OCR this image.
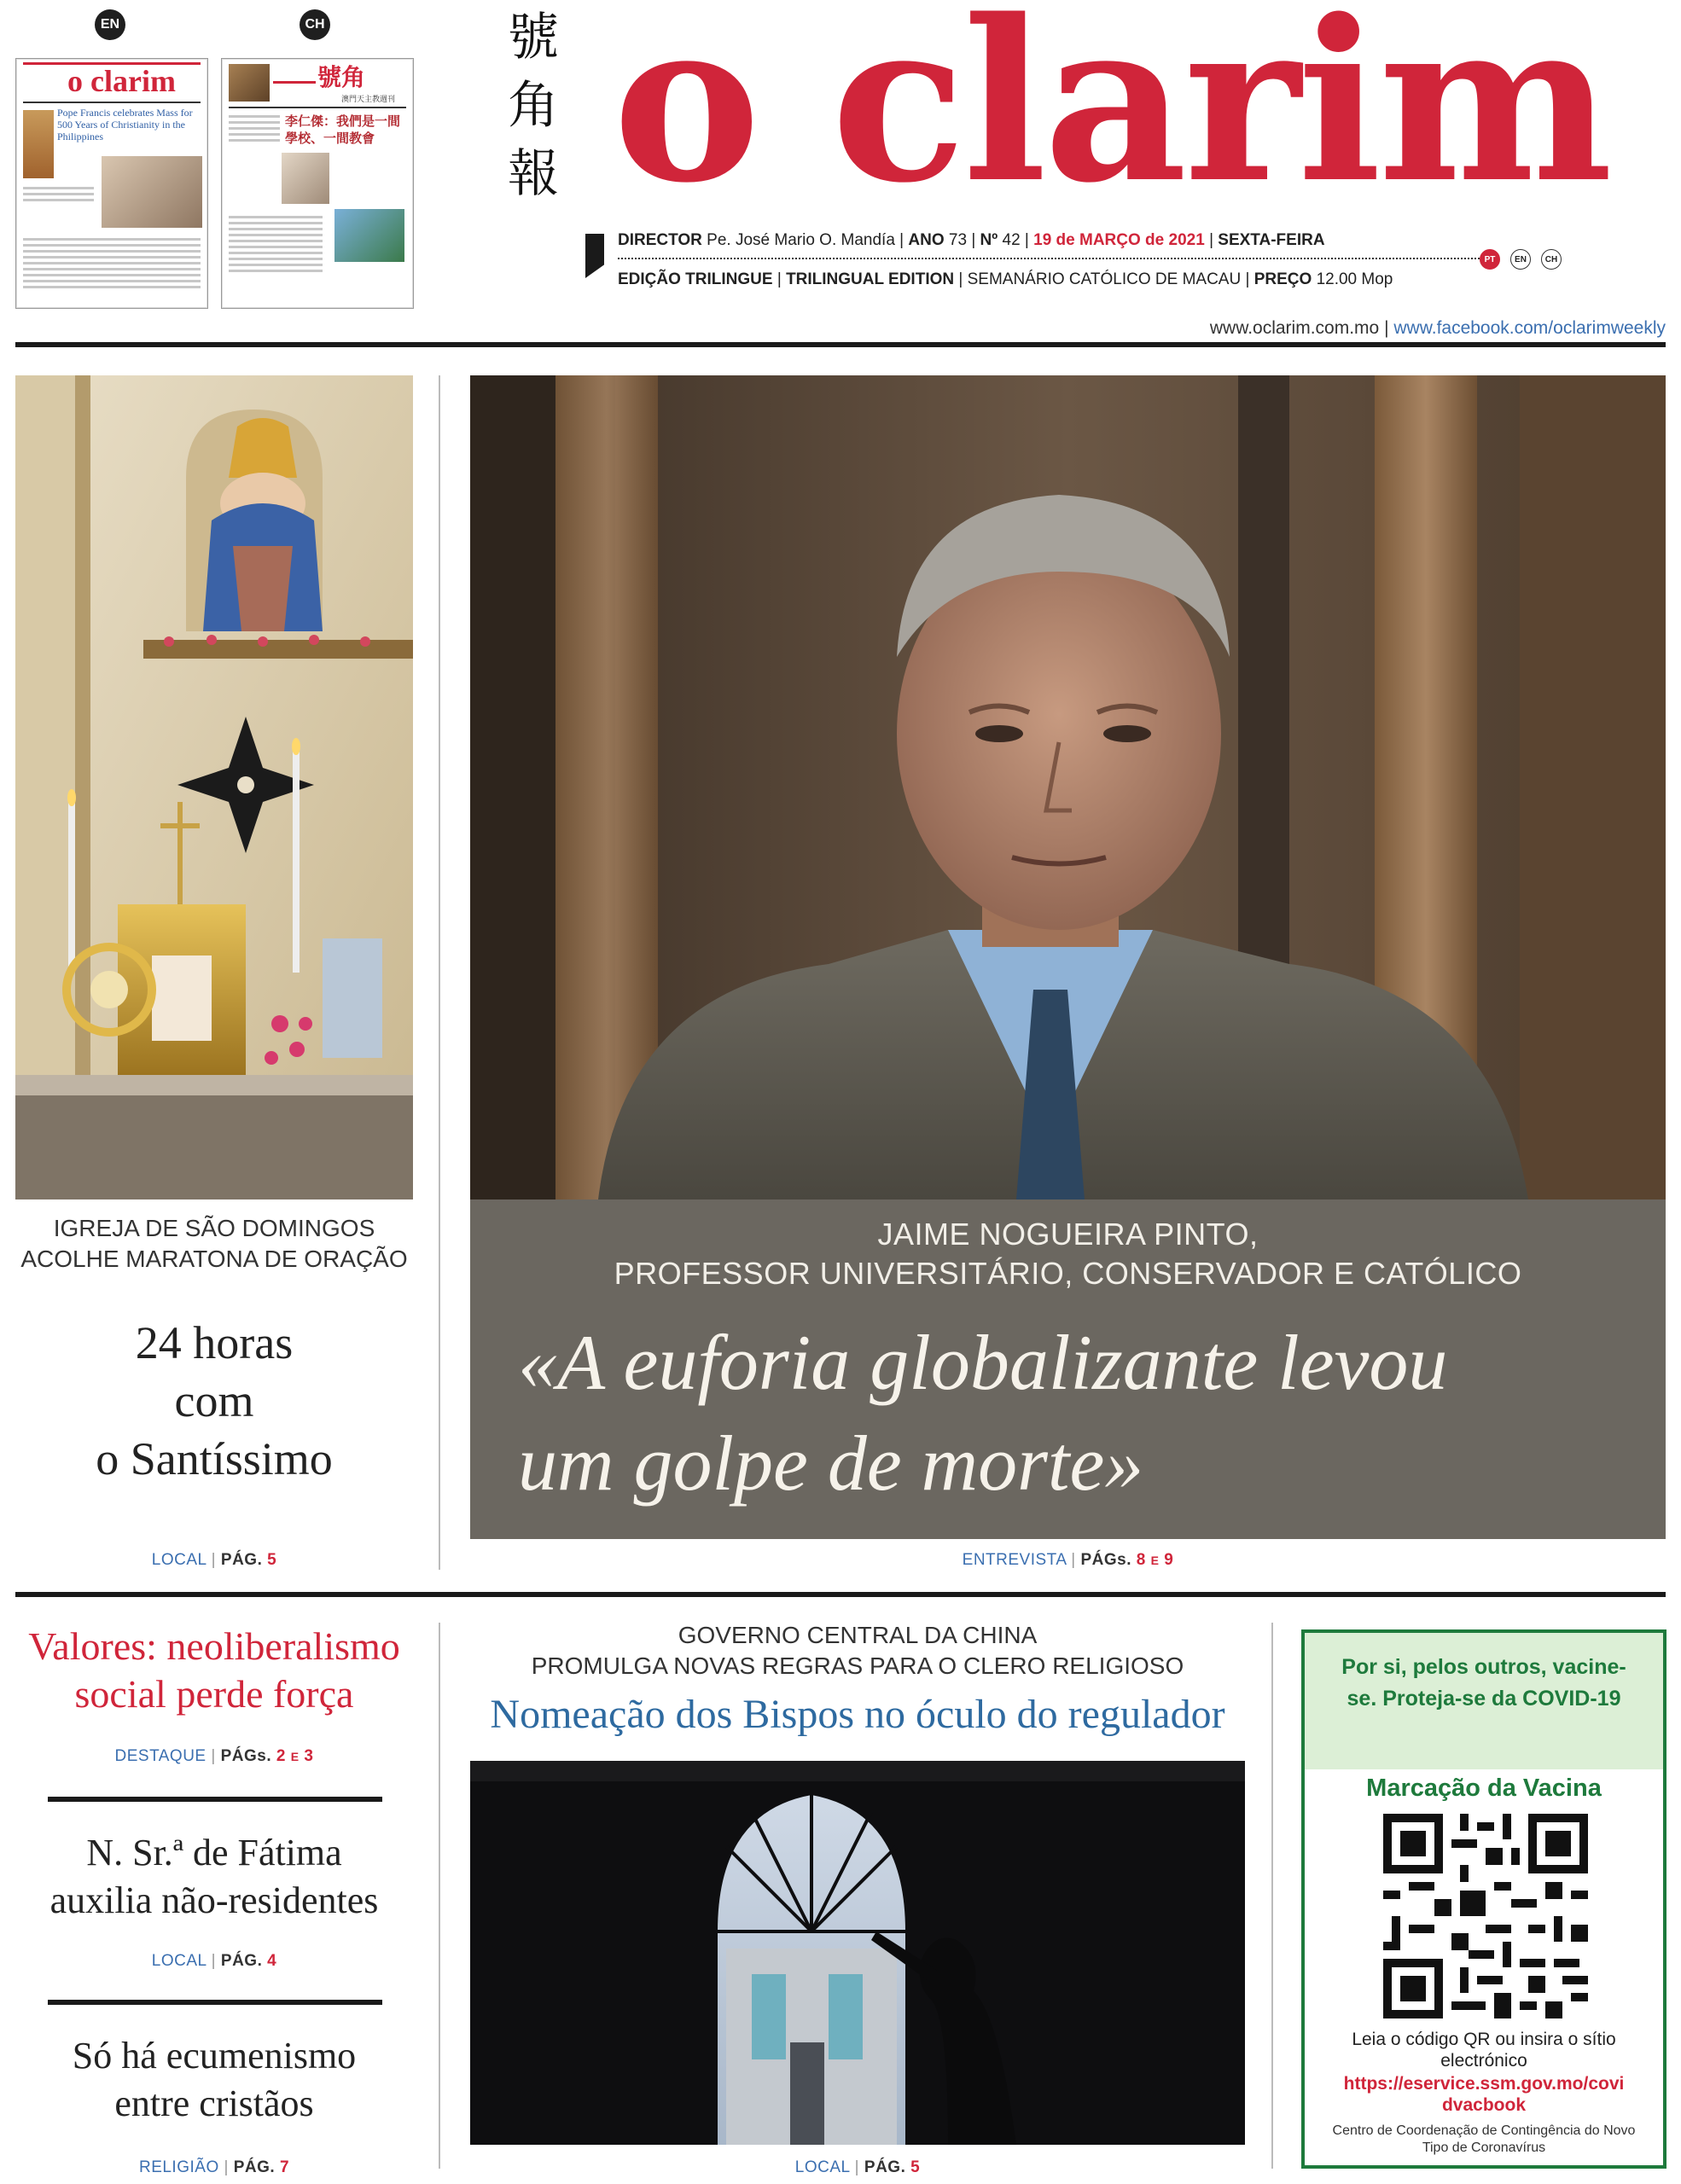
EN	CH
o clarim
Pope Francis celebrates Mass for 500 Years of Christianity in the Philippines
號角
澳門天主教週刊
李仁傑：我們是一間學校、一間教會
號
角
報 o clarim
DIRECTOR Pe. José Mario O. Mandía | ANO 73 | Nº 42 | 19 de MARÇO de 2021 | SEXTA-FEIRA
PT	EN	CH
EDIÇÃO TRILINGUE | TRILINGUAL EDITION | SEMANÁRIO CATÓLICO DE MACAU | PREÇO 12.00 Mop
www.oclarim.com.mo | www.facebook.com/oclarimweekly
IGREJA DE SÃO DOMINGOS ACOLHE MARATONA DE ORAÇÃO
24 horas
com
o Santíssimo
LOCAL | PÁG. 5
JAIME NOGUEIRA PINTO,
PROFESSOR UNIVERSITÁRIO, CONSERVADOR E CATÓLICO
«A euforia globalizante levou
um golpe de morte»
ENTREVISTA | PÁGs. 8 E 9
Valores: neoliberalismo
social perde força
DESTAQUE | PÁGs. 2 E 3
N. Sr.ª de Fátima
auxilia não-residentes
LOCAL | PÁG. 4
Só há ecumenismo
entre cristãos
RELIGIÃO | PÁG. 7
GOVERNO CENTRAL DA CHINA
PROMULGA NOVAS REGRAS PARA O CLERO RELIGIOSO
Nomeação dos Bispos no óculo do regulador
LOCAL | PÁG. 5
Por si, pelos outros, vacine-se. Proteja-se da COVID-19
Marcação da Vacina
Leia o código QR ou insira o sítio electrónico
https://eservice.ssm.gov.mo/covidvacbook
Centro de Coordenação de Contingência do Novo Tipo de Coronavírus
